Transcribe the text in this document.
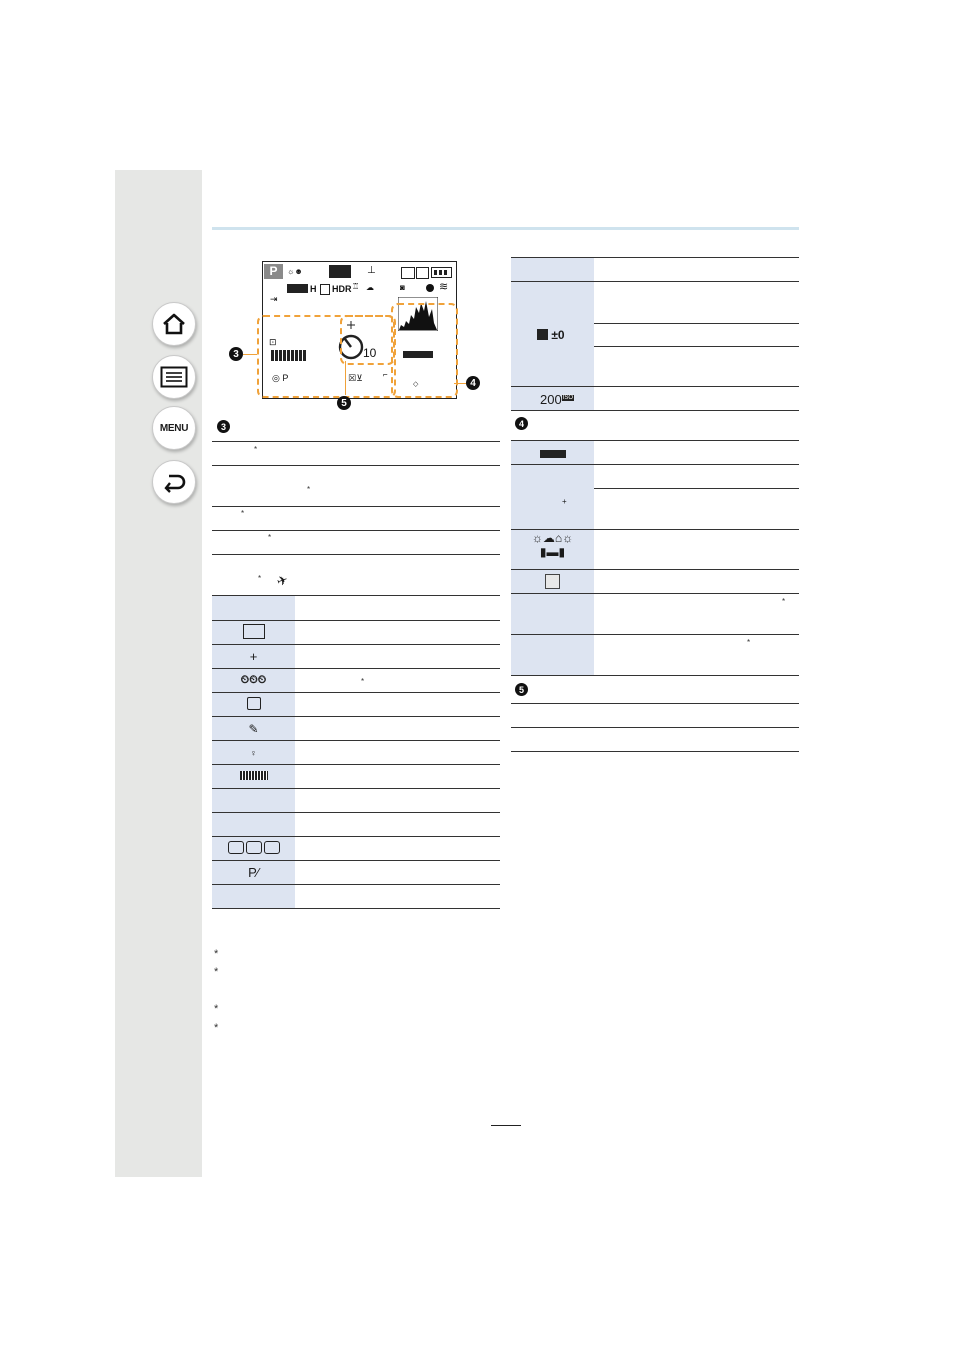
MENU
P	☼☻	⊥
H HDR ♖ ☁	◙	≋
⇥
⊡
◎ P
10
☒⊻	⌐
◇
3
4
5
3
*
*
*
*
* ✈

+	
⏲⏲⏲	*

✎	
♀	

P⁄	

±0
$200^{ISO}$
4
+
☼☁⌂☼
▮▬▮
*
*
5
*
*
*
*
